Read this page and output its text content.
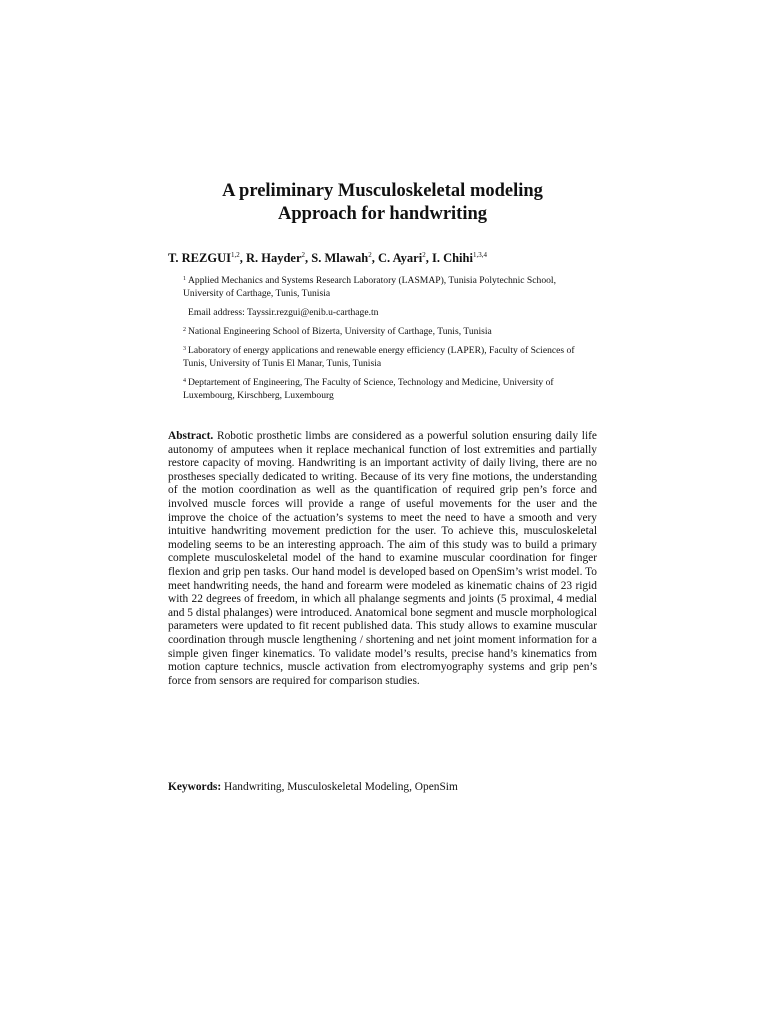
A preliminary Musculoskeletal modeling
Approach for handwriting
T. REZGUI$^{1,2}$, R. Hayder$^2$, S. Mlawah$^2$, C. Ayari$^2$, I. Chihi$^{1,3,4}$

$^1$ Applied Mechanics and Systems Research Laboratory (LASMAP), Tunisia Polytechnic School, University of Carthage, Tunis, Tunisia

Email address: Tayssir.rezgui@enib.u-carthage.tn

$^2$ National Engineering School of Bizerta, University of Carthage, Tunis, Tunisia

$^3$ Laboratory of energy applications and renewable energy efficiency (LAPER), Faculty of Sciences of Tunis, University of Tunis El Manar, Tunis, Tunisia

$^4$ Deptartement of Engineering, The Faculty of Science, Technology and Medicine, University of Luxembourg, Kirschberg, Luxembourg

Abstract. Robotic prosthetic limbs are considered as a powerful solution ensuring daily life autonomy of amputees when it replace mechanical function of lost extremities and partially restore capacity of moving. Handwriting is an important activity of daily living, there are no prostheses specially dedicated to writing. Because of its very fine motions, the understanding of the motion coordination as well as the quantification of required grip pen’s force and involved muscle forces will provide a range of useful movements for the user and the improve the choice of the actuation’s systems to meet the need to have a smooth and very intuitive handwriting movement prediction for the user. To achieve this, musculoskeletal modeling seems to be an interesting approach. The aim of this study was to build a primary complete musculoskeletal model of the hand to examine muscular coordination for finger flexion and grip pen tasks. Our hand model is developed based on OpenSim’s wrist model. To meet handwriting needs, the hand and forearm were modeled as kinematic chains of 23 rigid with 22 degrees of freedom, in which all phalange segments and joints (5 proximal, 4 medial and 5 distal phalanges) were introduced. Anatomical bone segment and muscle morphological parameters were updated to fit recent published data. This study allows to examine muscular coordination through muscle lengthening / shortening and net joint moment information for a simple given finger kinematics. To validate model’s results, precise hand’s kinematics from motion capture technics, muscle activation from electromyography systems and grip pen’s force from sensors are required for comparison studies.
Keywords: Handwriting, Musculoskeletal Modeling, OpenSim
